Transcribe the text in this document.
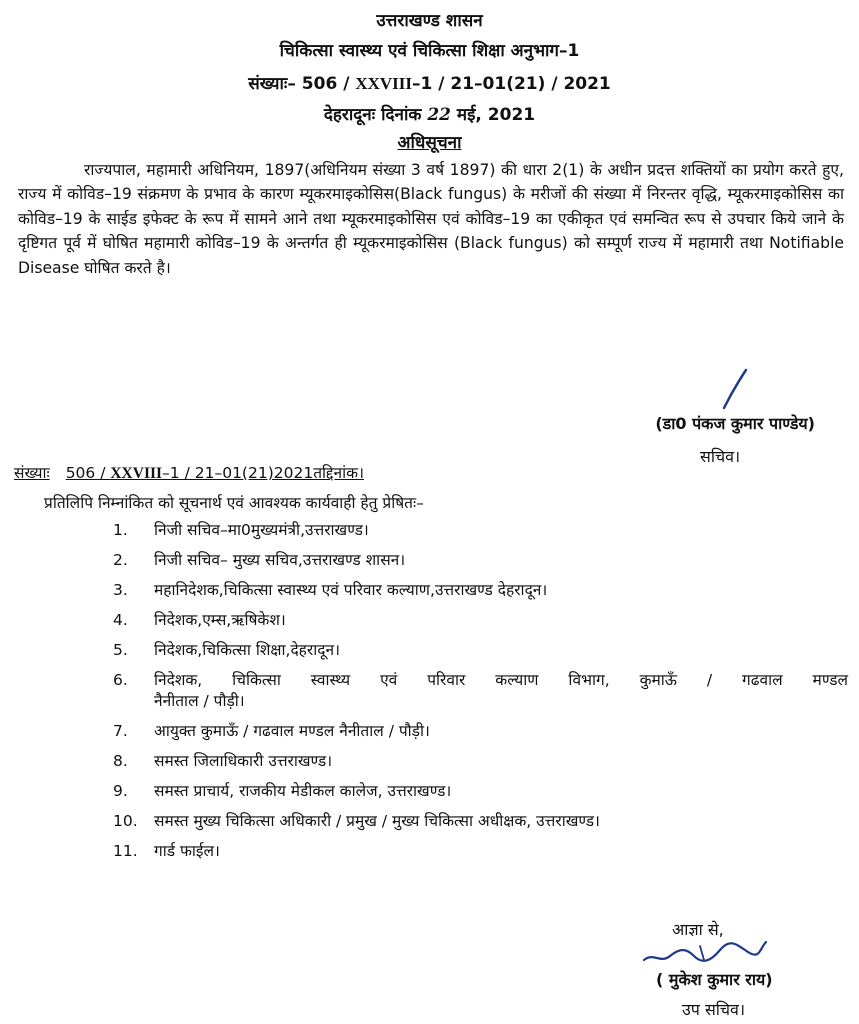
उत्तराखण्ड शासन
चिकित्सा स्वास्थ्य एवं चिकित्सा शिक्षा अनुभाग–1
संख्याः– 506 / XXVIII–1 / 21–01(21) / 2021
देहरादूनः दिनांक 22 मई, 2021
अधिसूचना
राज्यपाल, महामारी अधिनियम, 1897(अधिनियम संख्या 3 वर्ष 1897) की धारा 2(1) के अधीन प्रदत्त शक्तियों का प्रयोग करते हुए, राज्य में कोविड–19 संक्रमण के प्रभाव के कारण म्यूकरमाइकोसिस(Black fungus) के मरीजों की संख्या में निरन्तर वृद्धि, म्यूकरमाइकोसिस का कोविड–19 के साईड इफेक्ट के रूप में सामने आने तथा म्यूकरमाइकोसिस एवं कोविड–19 का एकीकृत एवं समन्वित रूप से उपचार किये जाने के दृष्टिगत पूर्व में घोषित महामारी कोविड–19 के अन्तर्गत ही म्यूकरमाइकोसिस (Black fungus) को सम्पूर्ण राज्य में महामारी तथा Notifiable Disease घोषित करते है।
(डा0 पंकज कुमार पाण्डेय)
सचिव।
संख्याः 506 / XXVIII–1 / 21–01(21)2021तद्दिनांक।
प्रतिलिपि निम्नांकित को सूचनार्थ एवं आवश्यक कार्यवाही हेतु प्रेषितः–
1.	निजी सचिव–मा0मुख्यमंत्री,उत्तराखण्ड।
2.	निजी सचिव– मुख्य सचिव,उत्तराखण्ड शासन।
3.	महानिदेशक,चिकित्सा स्वास्थ्य एवं परिवार कल्याण,उत्तराखण्ड देहरादून।
4.	निदेशक,एम्स,ऋषिकेश।
5.	निदेशक,चिकित्सा शिक्षा,देहरादून।
6.	निदेशक, चिकित्सा स्वास्थ्य एवं परिवार कल्याण विभाग, कुमाऊँ / गढवाल मण्डल
नैनीताल / पौड़ी।
7.	आयुक्त कुमाऊँ / गढवाल मण्डल नैनीताल / पौड़ी।
8.	समस्त जिलाधिकारी उत्तराखण्ड।
9.	समस्त प्राचार्य, राजकीय मेडीकल कालेज, उत्तराखण्ड।
10.	समस्त मुख्य चिकित्सा अधिकारी / प्रमुख / मुख्य चिकित्सा अधीक्षक, उत्तराखण्ड।
11.	गार्ड फाईल।
आज्ञा से,
( मुकेश कुमार राय)
उप सचिव।
